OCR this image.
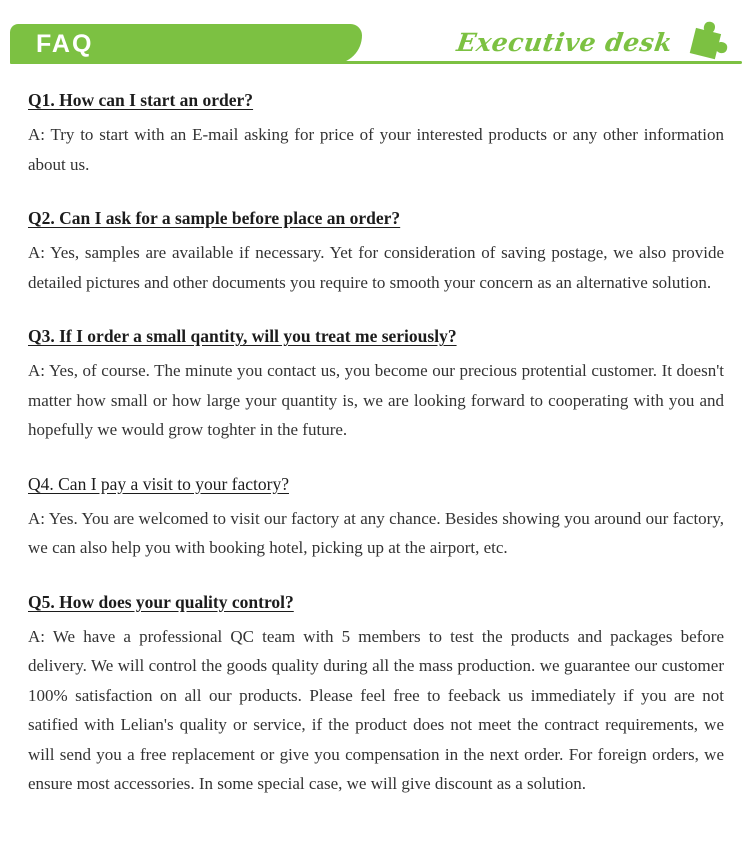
FAQ	Executive desk
Q1. How can I start an order?
A: Try to start with an E-mail asking for price of your interested products or any other information about us.
Q2. Can I ask for a sample before place an order?
A: Yes, samples are available if necessary. Yet for consideration of saving postage, we also provide detailed pictures and other documents you require to smooth your concern as an alternative solution.
Q3. If I order a small qantity, will you treat me seriously?
A: Yes, of course. The minute you contact us, you become our precious protential customer. It doesn't matter how small or how large your quantity is, we are looking forward to cooperating with you and hopefully we would grow toghter in the future.
Q4. Can I pay a visit to your factory?
A: Yes. You are welcomed to visit our factory at any chance. Besides showing you around our factory, we can also help you with booking hotel, picking up at the airport, etc.
Q5. How does your quality control?
A: We have a professional QC team with 5 members to test the products and packages before delivery. We will control the goods quality during all the mass production. we guarantee our customer 100% satisfaction on all our products. Please feel free to feeback us immediately if you are not satified with Lelian's quality or service, if the product does not meet the contract requirements, we will send you a free replacement or give you compensation in the next order. For foreign orders, we ensure most accessories. In some special case, we will give discount as a solution.
